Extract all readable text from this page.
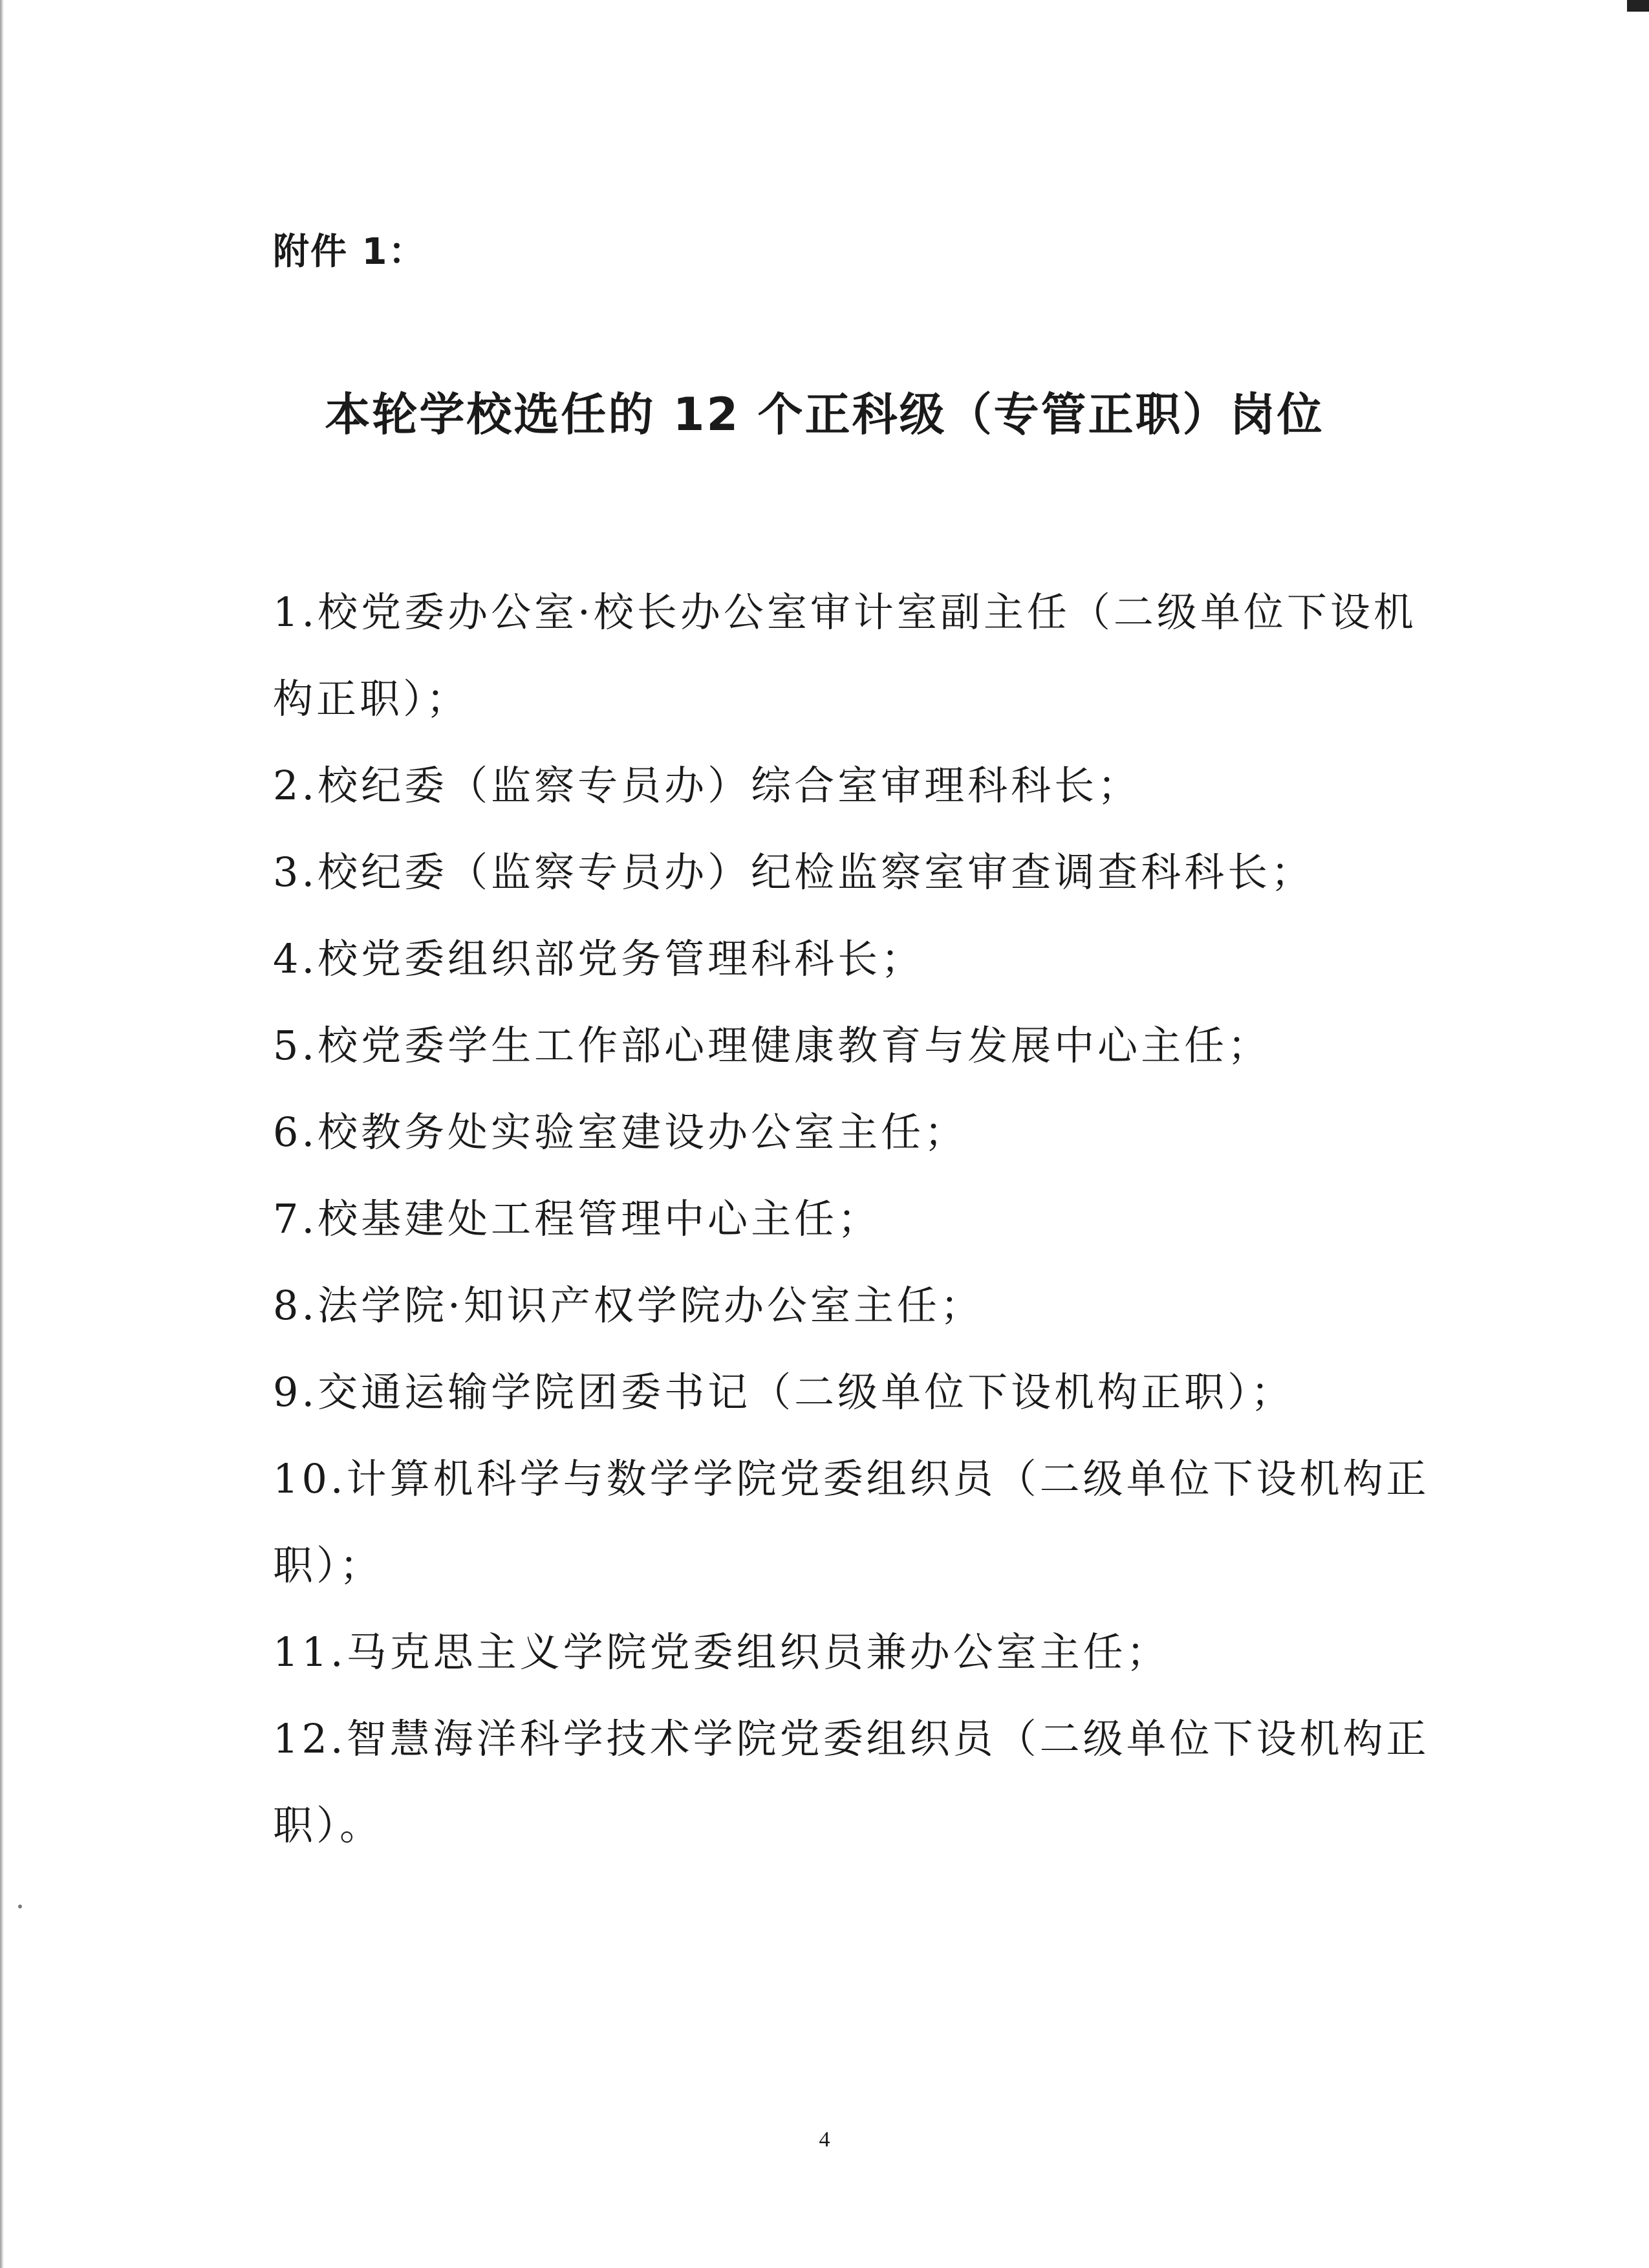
附件 1：
本轮学校选任的 12 个正科级（专管正职）岗位
1.校党委办公室·校长办公室审计室副主任（二级单位下设机
构正职）；
2.校纪委（监察专员办）综合室审理科科长；
3.校纪委（监察专员办）纪检监察室审查调查科科长；
4.校党委组织部党务管理科科长；
5.校党委学生工作部心理健康教育与发展中心主任；
6.校教务处实验室建设办公室主任；
7.校基建处工程管理中心主任；
8.法学院·知识产权学院办公室主任；
9.交通运输学院团委书记（二级单位下设机构正职）；
10.计算机科学与数学学院党委组织员（二级单位下设机构正
职）；
11.马克思主义学院党委组织员兼办公室主任；
12.智慧海洋科学技术学院党委组织员（二级单位下设机构正
职）。
4
